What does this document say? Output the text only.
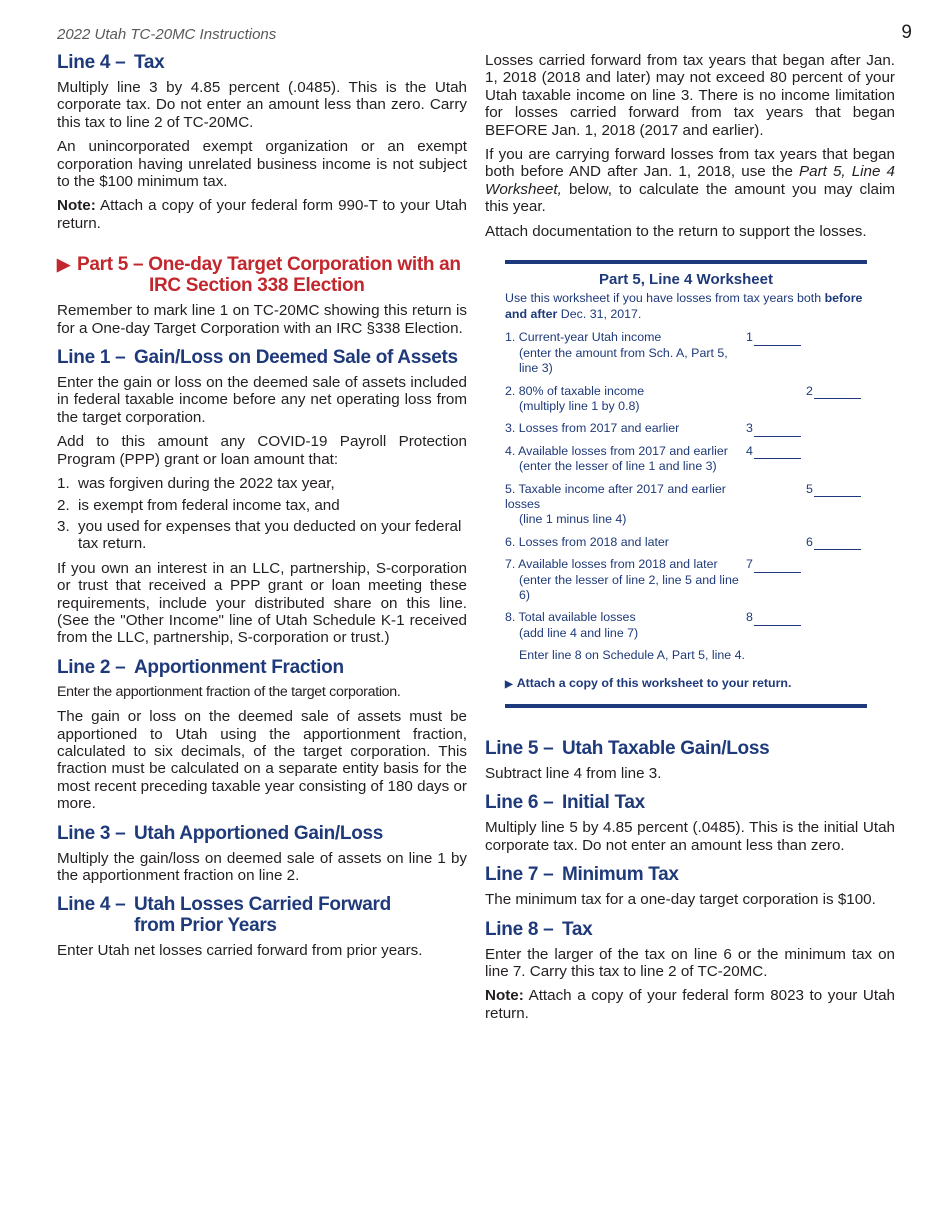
2022 Utah TC-20MC Instructions	9
Line 4 – Tax

Multiply line 3 by 4.85 percent (.0485). This is the Utah corporate tax. Do not enter an amount less than zero. Carry this tax to line 2 of TC-20MC.

An unincorporated exempt organization or an exempt corporation having unrelated business income is not subject to the $100 minimum tax.

Note: Attach a copy of your federal form 990-T to your Utah return.

▶ Part 5 – One-day Target Corporation with an
IRC Section 338 Election

Remember to mark line 1 on TC-20MC showing this return is for a One-day Target Corporation with an IRC §338 Election.

Line 1 – Gain/Loss on Deemed Sale of Assets

Enter the gain or loss on the deemed sale of assets included in federal taxable income before any net operating loss from the target corporation.

Add to this amount any COVID-19 Payroll Protection Program (PPP) grant or loan amount that:

1. was forgiven during the 2022 tax year,
2. is exempt from federal income tax, and
3. you used for expenses that you deducted on your federal tax return.

If you own an interest in an LLC, partnership, S-corporation or trust that received a PPP grant or loan meeting these requirements, include your distributed share on this line. (See the "Other Income" line of Utah Schedule K-1 received from the LLC, partnership, S-corporation or trust.)

Line 2 – Apportionment Fraction

Enter the apportionment fraction of the target corporation.

The gain or loss on the deemed sale of assets must be apportioned to Utah using the apportionment fraction, calculated to six decimals, of the target corporation. This fraction must be calculated on a separate entity basis for the most recent preceding taxable year consisting of 180 days or more.

Line 3 – Utah Apportioned Gain/Loss

Multiply the gain/loss on deemed sale of assets on line 1 by the apportionment fraction on line 2.

Line 4 – Utah Losses Carried Forward
from Prior Years

Enter Utah net losses carried forward from prior years.

Losses carried forward from tax years that began after Jan. 1, 2018 (2018 and later) may not exceed 80 percent of your Utah taxable income on line 3. There is no income limitation for losses carried forward from tax years that began BEFORE Jan. 1, 2018 (2017 and earlier).

If you are carrying forward losses from tax years that began both before AND after Jan. 1, 2018, use the Part 5, Line 4 Worksheet, below, to calculate the amount you may claim this year.

Attach documentation to the return to support the losses.

Part 5, Line 4 Worksheet
Use this worksheet if you have losses from tax years both before and after Dec. 31, 2017.
1. Current-year Utah income
(enter the amount from Sch. A, Part 5, line 3)
1
2. 80% of taxable income
(multiply line 1 by 0.8)
2
3. Losses from 2017 and earlier	3
4. Available losses from 2017 and earlier
(enter the lesser of line 1 and line 3)
4
5. Taxable income after 2017 and earlier losses
(line 1 minus line 4)
5
6. Losses from 2018 and later	6
7. Available losses from 2018 and later
(enter the lesser of line 2, line 5 and line 6)
7
8. Total available losses
(add line 4 and line 7)
8
Enter line 8 on Schedule A, Part 5, line 4.
▶ Attach a copy of this worksheet to your return.
Line 5 – Utah Taxable Gain/Loss

Subtract line 4 from line 3.

Line 6 – Initial Tax

Multiply line 5 by 4.85 percent (.0485). This is the initial Utah corporate tax. Do not enter an amount less than zero.

Line 7 – Minimum Tax

The minimum tax for a one-day target corporation is $100.

Line 8 – Tax

Enter the larger of the tax on line 6 or the minimum tax on line 7. Carry this tax to line 2 of TC-20MC.

Note: Attach a copy of your federal form 8023 to your Utah return.
